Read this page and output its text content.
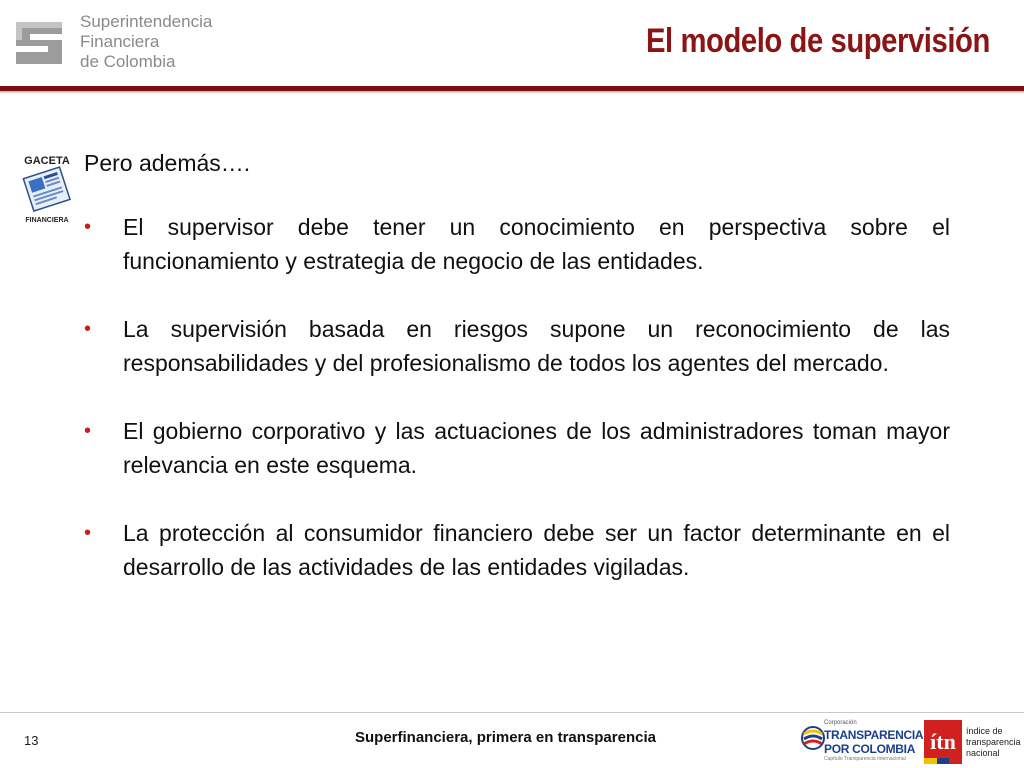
Superintendencia
Financiera
de Colombia
El modelo de supervisión
GACETA
FINANCIERA

Pero además….

•	El supervisor debe tener un conocimiento en perspectiva sobre el funcionamiento y estrategia de negocio de las entidades.
•	La supervisión basada en riesgos supone un reconocimiento de las responsabilidades y del profesionalismo de todos los agentes del mercado.
•	El gobierno corporativo y las actuaciones de los administradores toman mayor relevancia en este esquema.
•	La protección al consumidor financiero debe ser un factor determinante en el desarrollo de las actividades de las entidades vigiladas.
13	Superfinanciera, primera en transparencia
Corporación
TRANSPARENCIA
POR COLOMBIA
Capítulo Transparencia Internacional
ítn	índice de
transparencia
nacional
